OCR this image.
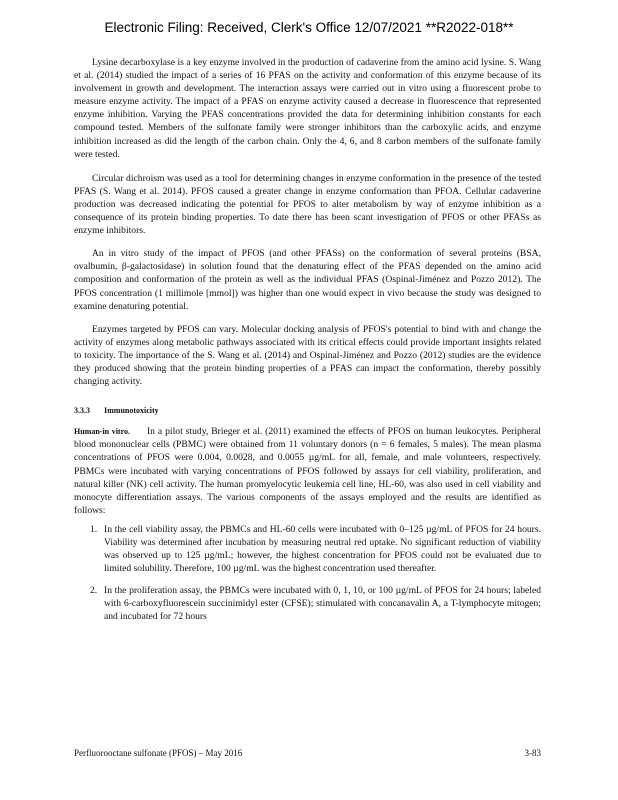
Electronic Filing: Received, Clerk's Office 12/07/2021 **R2022-018**

Lysine decarboxylase is a key enzyme involved in the production of cadaverine from the amino acid lysine. S. Wang et al. (2014) studied the impact of a series of 16 PFAS on the activity and conformation of this enzyme because of its involvement in growth and development. The interaction assays were carried out in vitro using a fluorescent probe to measure enzyme activity. The impact of a PFAS on enzyme activity caused a decrease in fluorescence that represented enzyme inhibition. Varying the PFAS concentrations provided the data for determining inhibition constants for each compound tested. Members of the sulfonate family were stronger inhibitors than the carboxylic acids, and enzyme inhibition increased as did the length of the carbon chain. Only the 4, 6, and 8 carbon members of the sulfonate family were tested.

Circular dichroism was used as a tool for determining changes in enzyme conformation in the presence of the tested PFAS (S. Wang et al. 2014). PFOS caused a greater change in enzyme conformation than PFOA. Cellular cadaverine production was decreased indicating the potential for PFOS to alter metabolism by way of enzyme inhibition as a consequence of its protein binding properties. To date there has been scant investigation of PFOS or other PFASs as enzyme inhibitors.

An in vitro study of the impact of PFOS (and other PFASs) on the conformation of several proteins (BSA, ovalbumin, β-galactosidase) in solution found that the denaturing effect of the PFAS depended on the amino acid composition and conformation of the protein as well as the individual PFAS (Ospinal-Jiménez and Pozzo 2012). The PFOS concentration (1 millimole [mmol]) was higher than one would expect in vivo because the study was designed to examine denaturing potential.

Enzymes targeted by PFOS can vary. Molecular docking analysis of PFOS's potential to bind with and change the activity of enzymes along metabolic pathways associated with its critical effects could provide important insights related to toxicity. The importance of the S. Wang et al. (2014) and Ospinal-Jiménez and Pozzo (2012) studies are the evidence they produced showing that the protein binding properties of a PFAS can impact the conformation, thereby possibly changing activity.

3.3.3 Immunotoxicity

Human-in vitro. In a pilot study, Brieger et al. (2011) examined the effects of PFOS on human leukocytes. Peripheral blood mononuclear cells (PBMC) were obtained from 11 voluntary donors (n = 6 females, 5 males). The mean plasma concentrations of PFOS were 0.004, 0.0028, and 0.0055 µg/mL for all, female, and male volunteers, respectively. PBMCs were incubated with varying concentrations of PFOS followed by assays for cell viability, proliferation, and natural killer (NK) cell activity. The human promyelocytic leukemia cell line, HL-60, was also used in cell viability and monocyte differentiation assays. The various components of the assays employed and the results are identified as follows:

1. In the cell viability assay, the PBMCs and HL-60 cells were incubated with 0–125 µg/mL of PFOS for 24 hours. Viability was determined after incubation by measuring neutral red uptake. No significant reduction of viability was observed up to 125 µg/mL; however, the highest concentration for PFOS could not be evaluated due to limited solubility. Therefore, 100 µg/mL was the highest concentration used thereafter.
2. In the proliferation assay, the PBMCs were incubated with 0, 1, 10, or 100 µg/mL of PFOS for 24 hours; labeled with 6-carboxyfluorescein succinimidyl ester (CFSE); stimulated with concanavalin A, a T-lymphocyte mitogen; and incubated for 72 hours
Perfluorooctane sulfonate (PFOS) – May 2016	3-83
